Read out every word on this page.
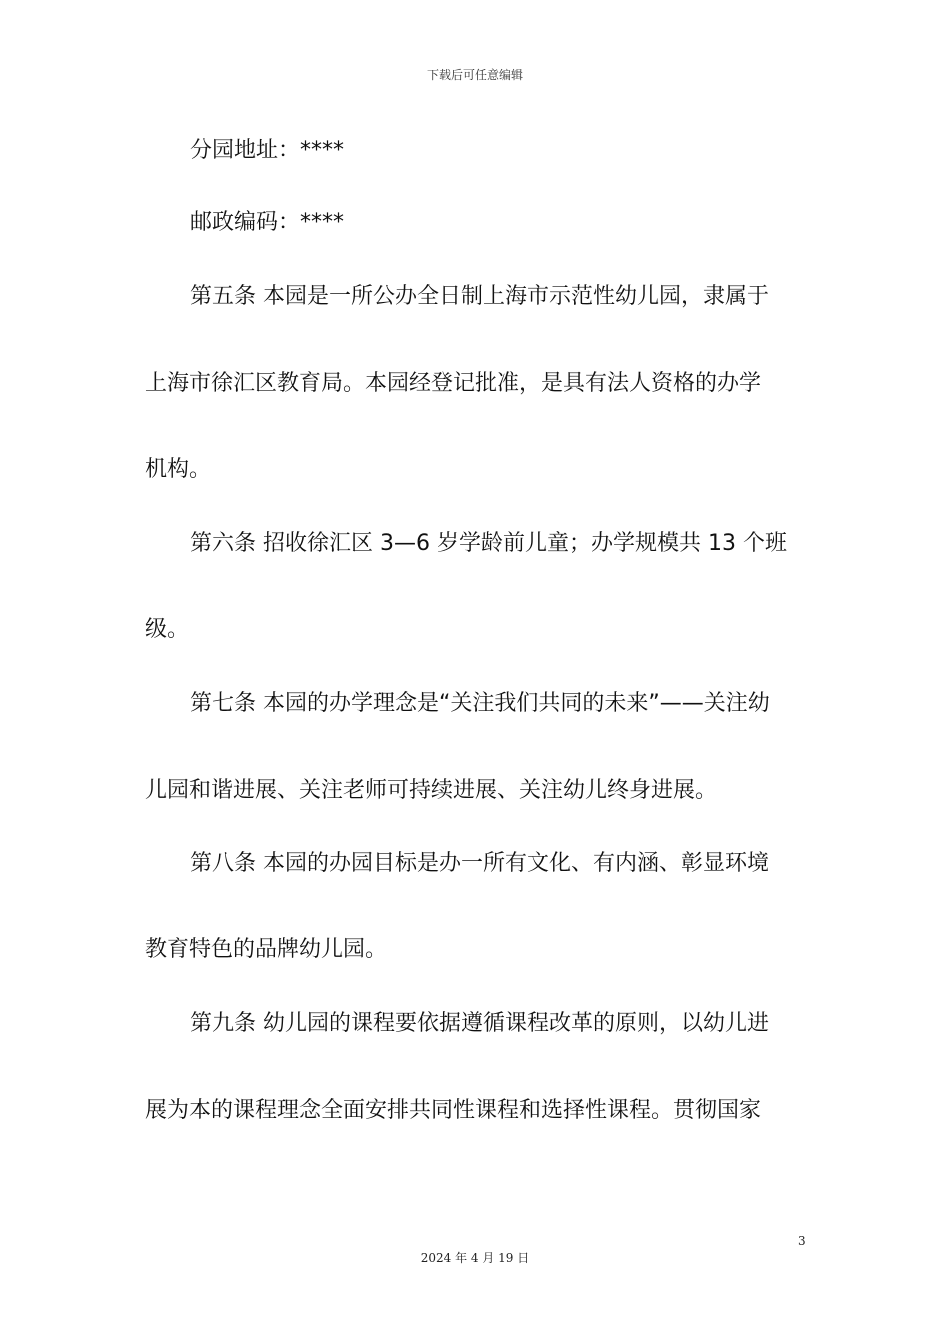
下载后可任意编辑
分园地址：****
邮政编码：****
第五条 本园是一所公办全日制上海市示范性幼儿园，隶属于
上海市徐汇区教育局。本园经登记批准，是具有法人资格的办学
机构。
第六条 招收徐汇区 3—6 岁学龄前儿童；办学规模共 13 个班
级。
第七条 本园的办学理念是“关注我们共同的未来”——关注幼
儿园和谐进展、关注老师可持续进展、关注幼儿终身进展。
第八条 本园的办园目标是办一所有文化、有内涵、彰显环境
教育特色的品牌幼儿园。
第九条 幼儿园的课程要依据遵循课程改革的原则，以幼儿进
展为本的课程理念全面安排共同性课程和选择性课程。贯彻国家
3
2024 年 4 月 19 日
